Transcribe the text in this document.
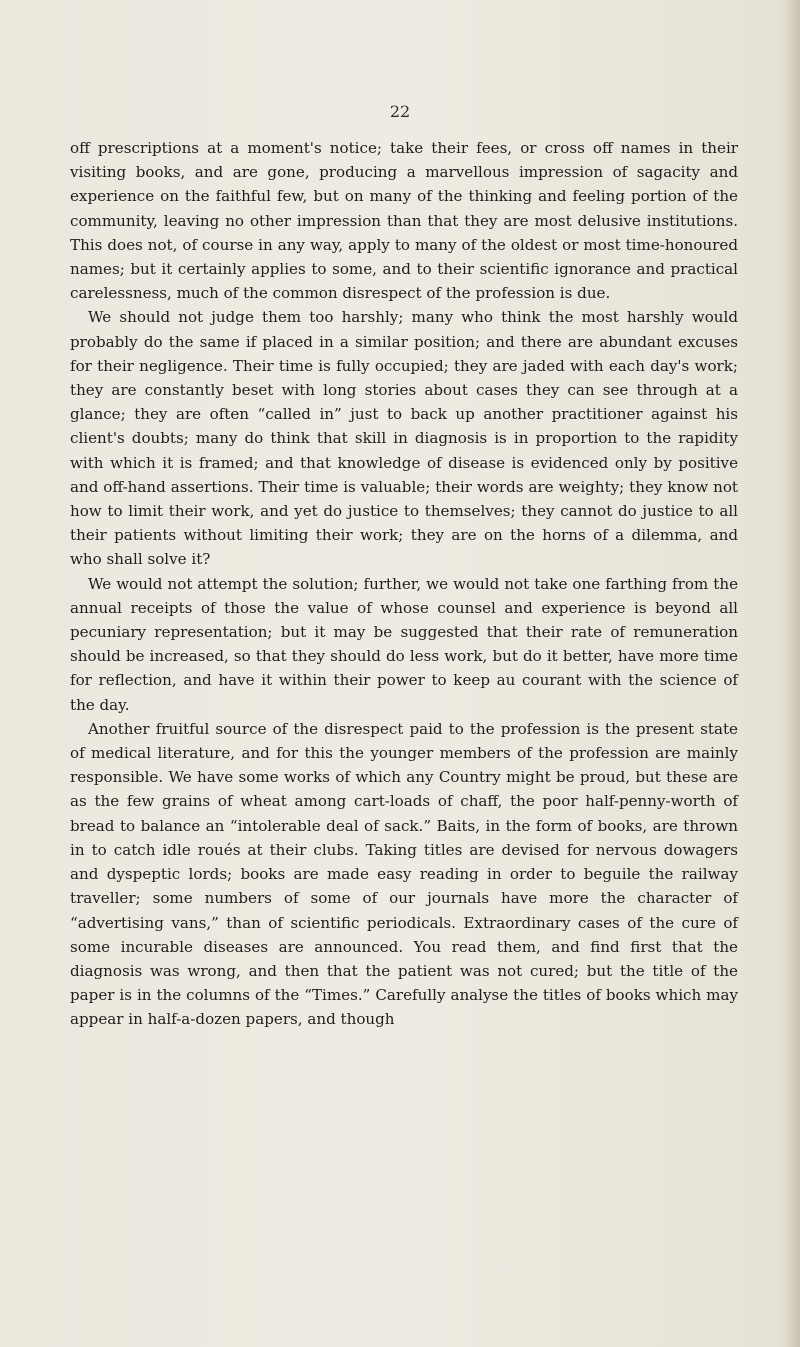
22

off prescriptions at a moment's notice; take their fees, or cross off names in their visiting books, and are gone, producing a marvellous impression of sagacity and experience on the faithful few, but on many of the thinking and feeling portion of the community, leaving no other impression than that they are most delusive institutions. This does not, of course in any way, apply to many of the oldest or most time-honoured names; but it certainly applies to some, and to their scientific ignorance and practical carelessness, much of the common disrespect of the profession is due.

We should not judge them too harshly; many who think the most harshly would probably do the same if placed in a similar position; and there are abundant excuses for their negligence. Their time is fully occupied; they are jaded with each day's work; they are constantly beset with long stories about cases they can see through at a glance; they are often “called in” just to back up another practitioner against his client's doubts; many do think that skill in diagnosis is in proportion to the rapidity with which it is framed; and that knowledge of disease is evidenced only by positive and off-hand assertions. Their time is valuable; their words are weighty; they know not how to limit their work, and yet do justice to themselves; they cannot do justice to all their patients without limiting their work; they are on the horns of a dilemma, and who shall solve it?

We would not attempt the solution; further, we would not take one farthing from the annual receipts of those the value of whose counsel and experience is beyond all pecuniary representation; but it may be suggested that their rate of remuneration should be increased, so that they should do less work, but do it better, have more time for reflection, and have it within their power to keep au courant with the science of the day.

Another fruitful source of the disrespect paid to the profession is the present state of medical literature, and for this the younger members of the profession are mainly responsible. We have some works of which any Country might be proud, but these are as the few grains of wheat among cart-loads of chaff, the poor half-penny-worth of bread to balance an “intolerable deal of sack.” Baits, in the form of books, are thrown in to catch idle roués at their clubs. Taking titles are devised for nervous dowagers and dyspeptic lords; books are made easy reading in order to beguile the railway traveller; some numbers of some of our journals have more the character of “advertising vans,” than of scientific periodicals. Extraordinary cases of the cure of some incurable diseases are announced. You read them, and find first that the diagnosis was wrong, and then that the patient was not cured; but the title of the paper is in the columns of the “Times.” Carefully analyse the titles of books which may appear in half-a-dozen papers, and though
